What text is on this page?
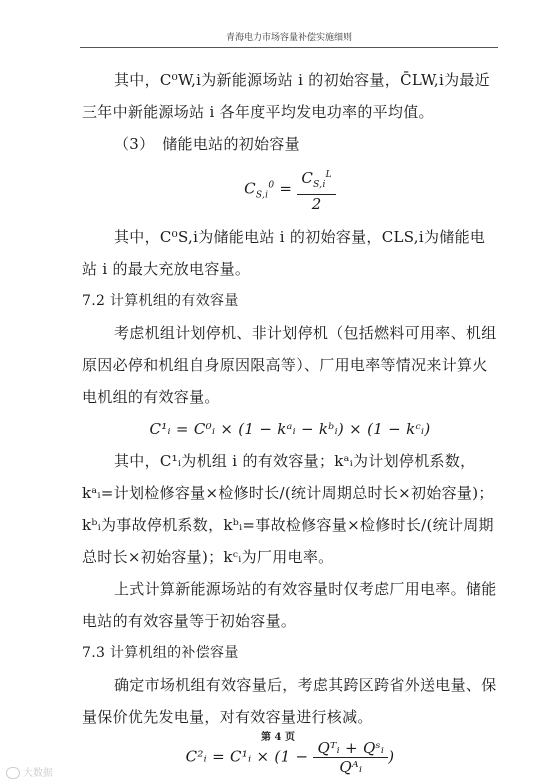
青海电力市场容量补偿实施细则

其中，C⁰W,i为新能源场站 i 的初始容量，C̄LW,i为最近三年中新能源场站 i 各年度平均发电功率的平均值。

（3）　储能电站的初始容量

$C_{S,i}^0 = \frac{C_{S,i}^L}{2}$

其中，C⁰S,i为储能电站 i 的初始容量，CLS,i为储能电站 i 的最大充放电容量。

7.2 计算机组的有效容量

考虑机组计划停机、非计划停机（包括燃料可用率、机组原因必停和机组自身原因限高等）、厂用电率等情况来计算火电机组的有效容量。

C¹ᵢ = C⁰ᵢ × (1 − kᵃᵢ − kᵇᵢ) × (1 − kᶜᵢ)

其中，C¹ᵢ为机组 i 的有效容量；kᵃᵢ为计划停机系数，kᵃᵢ=计划检修容量×检修时长/(统计周期总时长×初始容量)；kᵇᵢ为事故停机系数，kᵇᵢ=事故检修容量×检修时长/(统计周期总时长×初始容量)；kᶜᵢ为厂用电率。

上式计算新能源场站的有效容量时仅考虑厂用电率。储能电站的有效容量等于初始容量。

7.3 计算机组的补偿容量

确定市场机组有效容量后，考虑其跨区跨省外送电量、保量保价优先发电量，对有效容量进行核减。

C²ᵢ = C¹ᵢ × ($1 - \frac{\text{Qᵀᵢ + Qˢᵢ}}{\text{Qᴬᵢ}}$ )

第 4 页
大数据
